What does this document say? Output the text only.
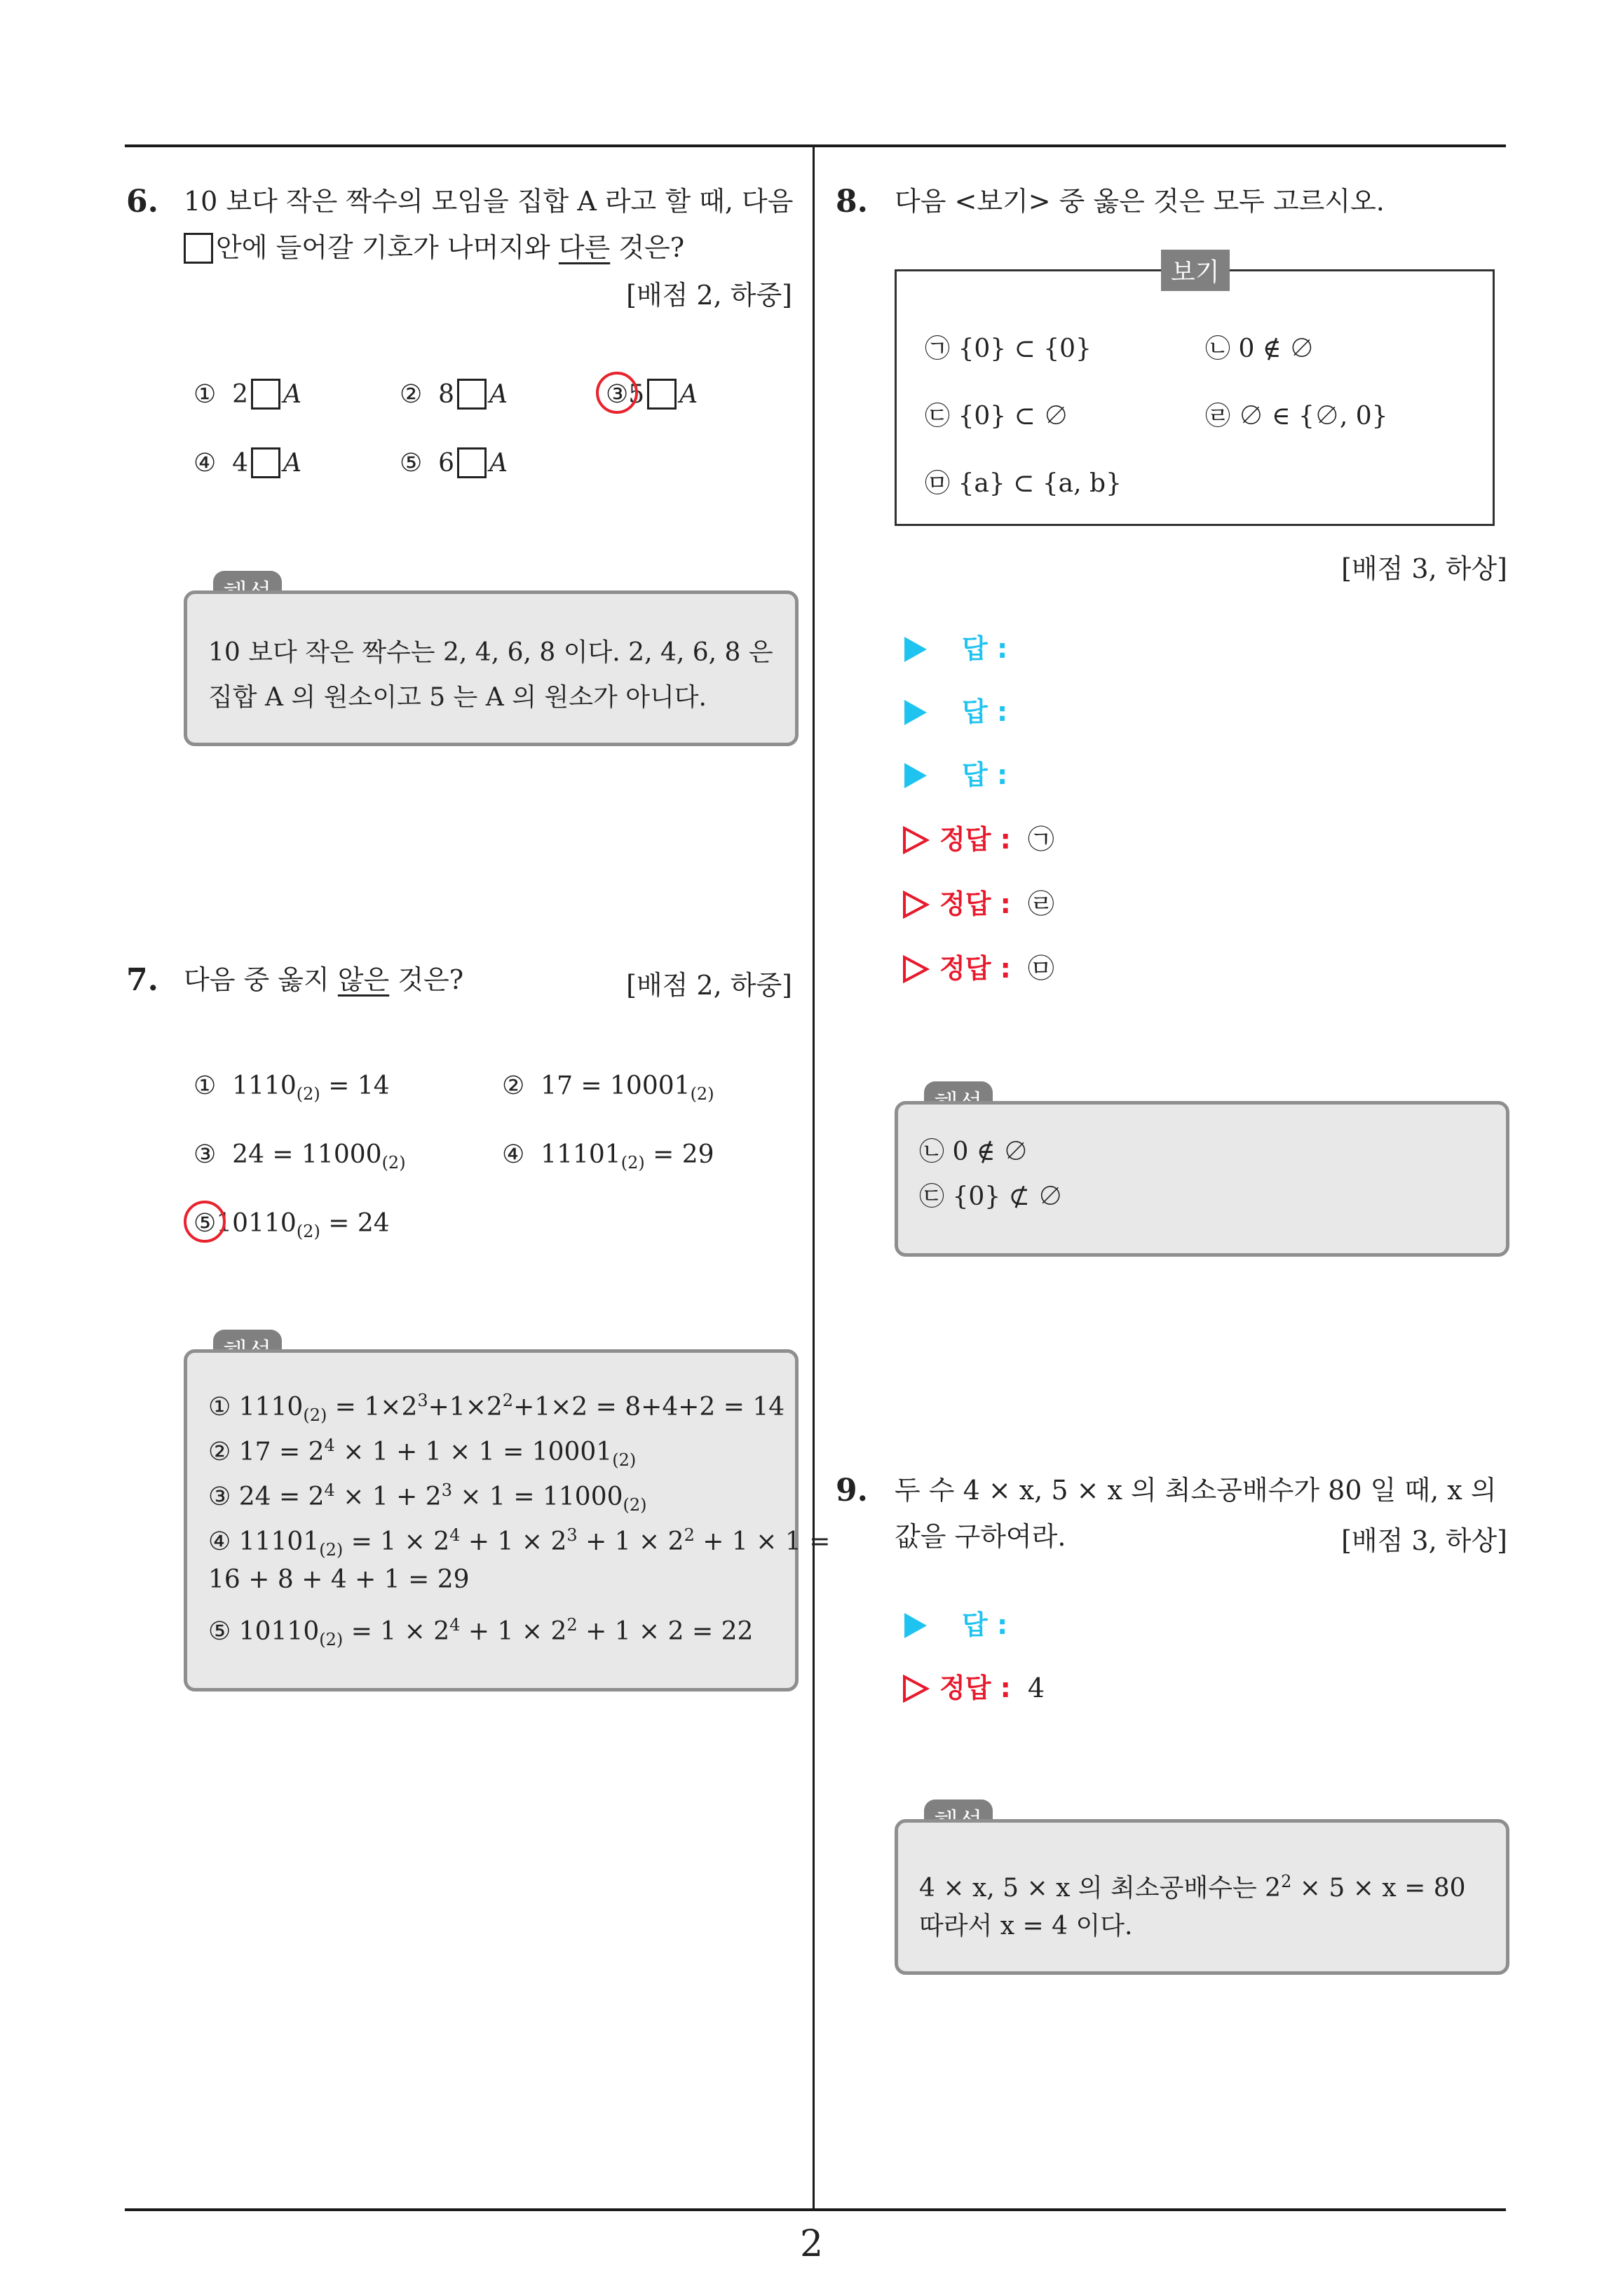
6. 10 보다 작은 짝수의 모임을 집합 A 라고 할 때, 다음
안에 들어갈 기호가 나머지와 다른 것은?
[배점 2, 하중]
① 2 A	② 8 A	③5 A
④ 4 A	⑤ 6 A
10 보다 작은 짝수는 2, 4, 6, 8 이다. 2, 4, 6, 8 은
집합 A 의 원소이고 5 는 A 의 원소가 아니다.
7. 다음 중 옳지 않은 것은?	[배점 2, 하중]
① $1110_{(2)} = 14$	② $17 = 10001_{(2)}$
③ $24 = 11000_{(2)}$	④ $11101_{(2)} = 29$
$⑤10110_{(2)} = 24$
① $1110_{(2)} = 1\times 2^3+1\times 2^2+1\times 2 = 8+4+2 = 14$
② $17 = 2^4 \times 1 + 1 \times 1 = 10001_{(2)}$
③ $24 = 2^4 \times 1 + 2^3 \times 1 = 11000_{(2)}$
④ $11101_{(2)} = 1 \times 2^4 + 1 \times 2^3 + 1 \times 2^2 + 1 \times 1$ =
16 + 8 + 4 + 1 = 29
⑤ $10110_{(2)} = 1 \times 2^4 + 1 \times 2^2 + 1 \times 2 = 22$
8. 다음 <보기> 중 옳은 것은 모두 고르시오.
㉠ {0} ⊂ {0}	㉡ 0 ∉ ∅
㉢ {0} ⊂ ∅	㉣ ∅ ∈ {∅, 0}
㉤ {a} ⊂ {a, b}
보기
[배점 3, 하상]
답 :
답 :
답 :
정답 : ㉠
정답 : ㉣
정답 : ㉤
㉡ 0 ∉ ∅
㉢ {0} ⊄ ∅
9. 두 수 4 × x, 5 × x 의 최소공배수가 80 일 때, x 의
값을 구하여라.	[배점 3, 하상]
답 :
정답 : 4
4 × x, 5 × x 의 최소공배수는 $2^2 \times 5 \times x = 80$
따라서 x = 4 이다.
2
